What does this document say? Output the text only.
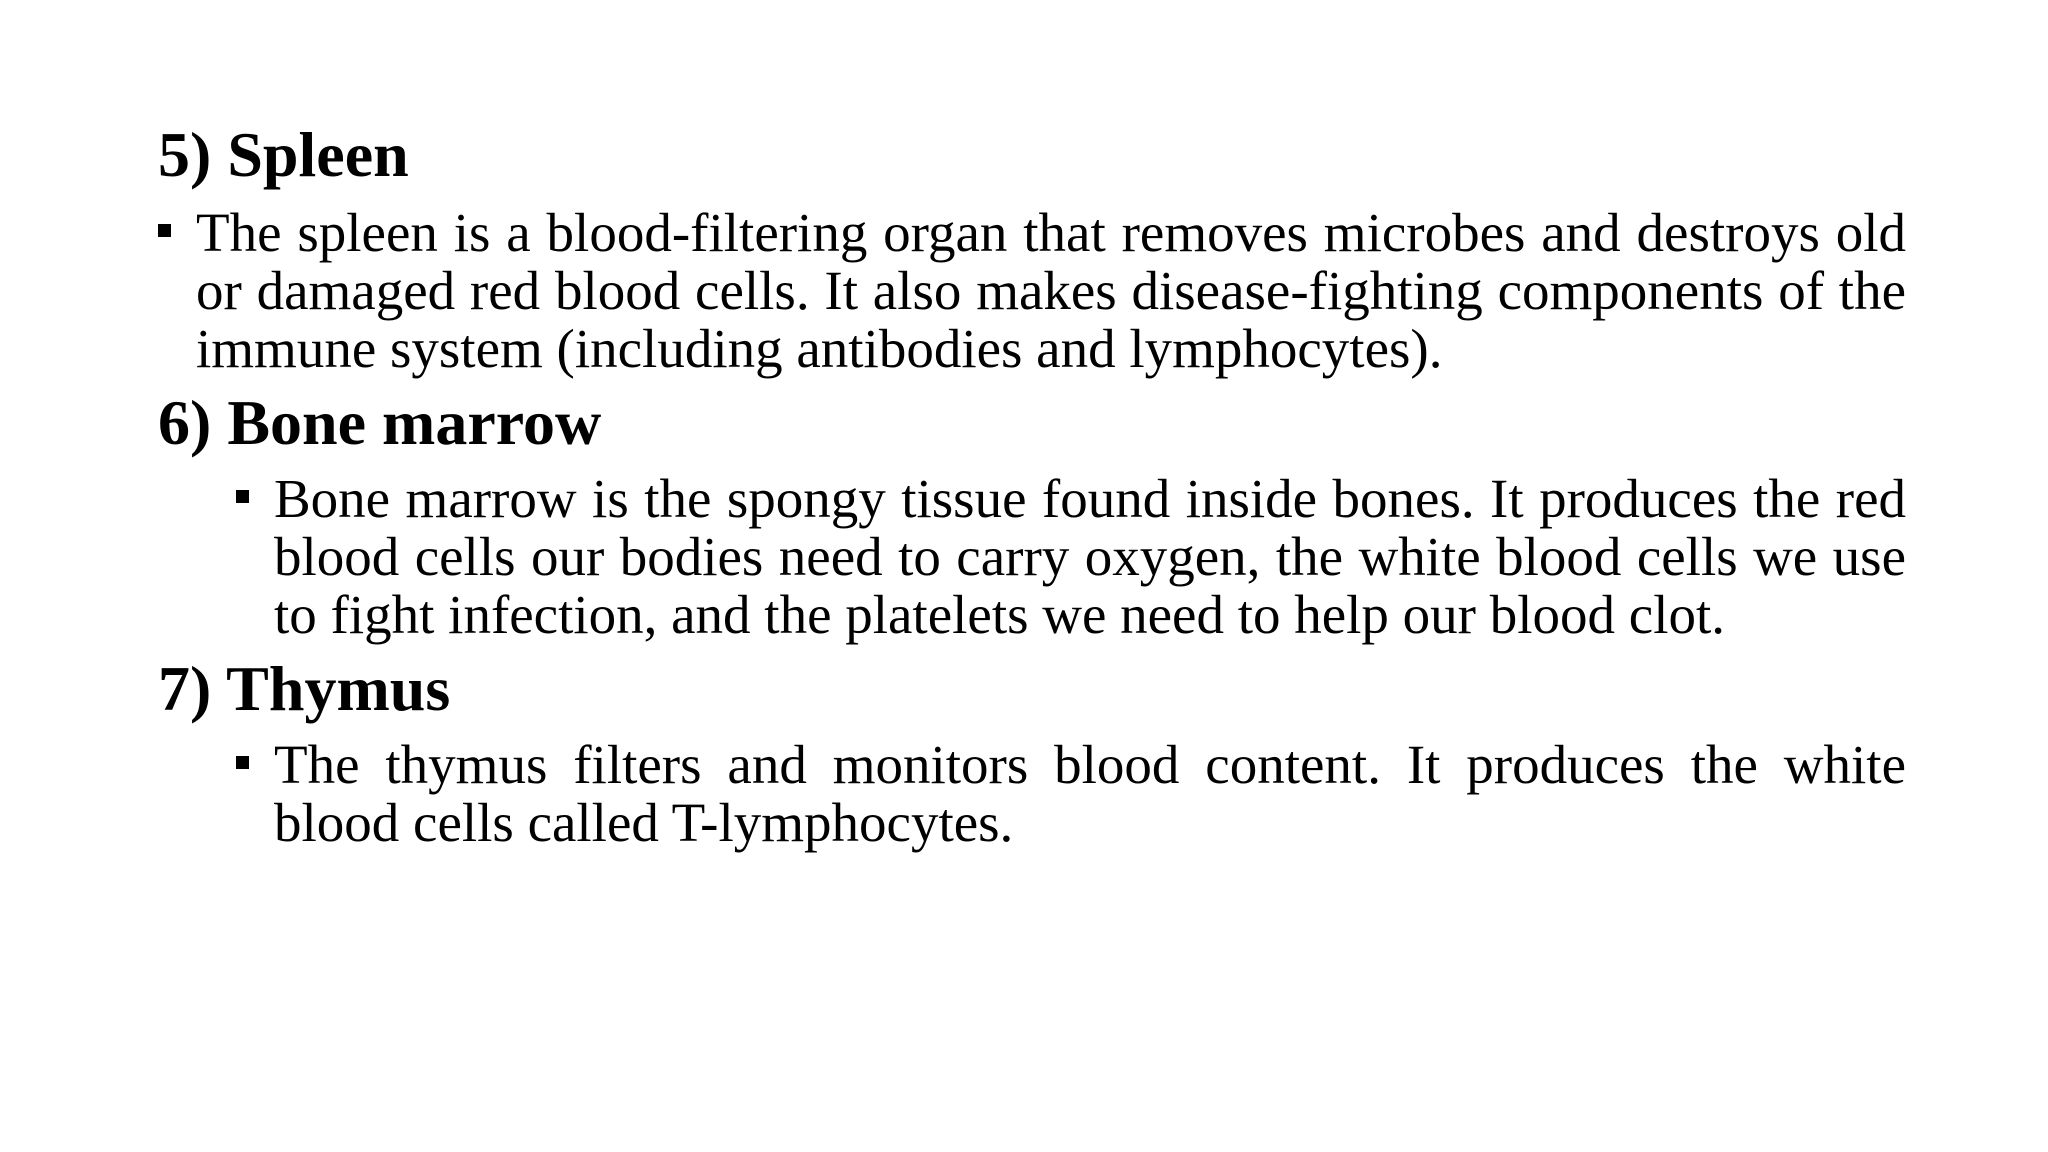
5) Spleen

The spleen is a blood-filtering organ that removes microbes and destroys old or damaged red blood cells. It also makes disease-fighting components of the immune system (including antibodies and lymphocytes).

6) Bone marrow

Bone marrow is the spongy tissue found inside bones. It produces the red blood cells our bodies need to carry oxygen, the white blood cells we use to fight infection, and the platelets we need to help our blood clot.

7) Thymus

The thymus filters and monitors blood content. It produces the white blood cells called T-lymphocytes.
